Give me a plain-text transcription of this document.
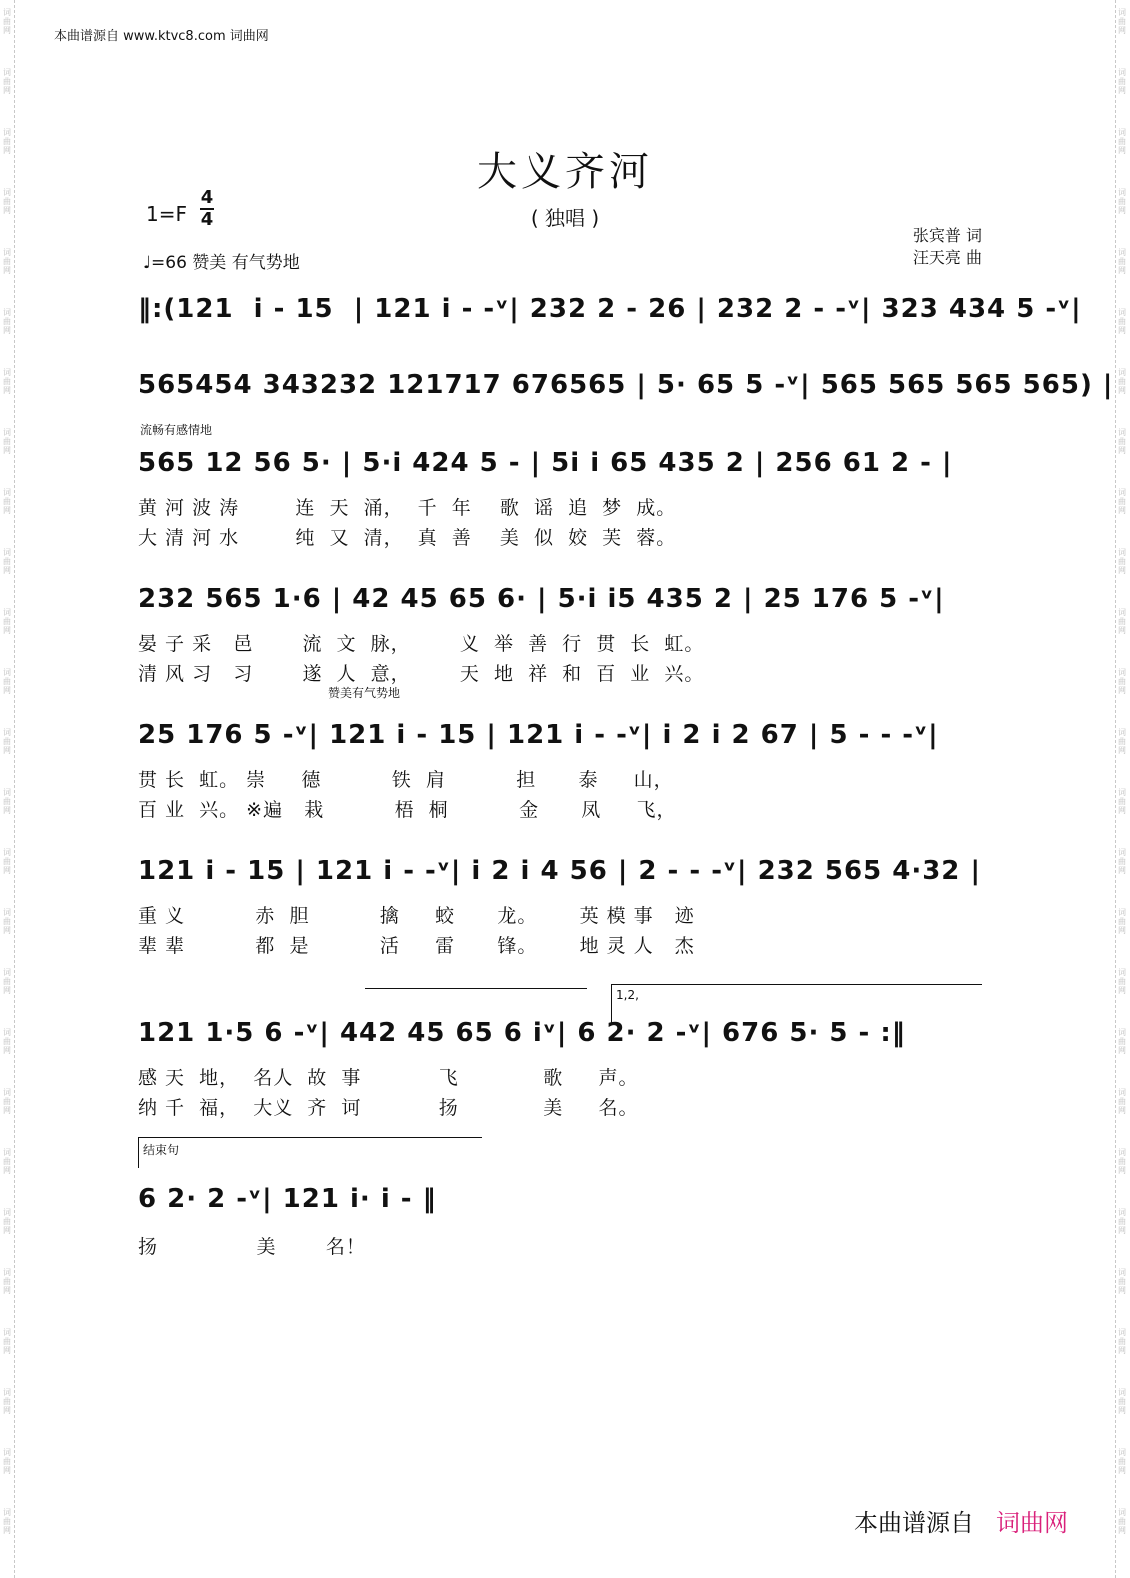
词
曲
网
词
曲
网
词
曲
网
词
曲
网
词
曲
网
词
曲
网
词
曲
网
词
曲
网
词
曲
网
词
曲
网
词
曲
网
词
曲
网
词
曲
网
词
曲
网
词
曲
网
词
曲
网
词
曲
网
词
曲
网
词
曲
网
词
曲
网
词
曲
网
词
曲
网
词
曲
网
词
曲
网
词
曲
网
词
曲
网
词
曲
网
词
曲
网
词
曲
网
词
曲
网
词
曲
网
词
曲
网
词
曲
网
词
曲
网
词
曲
网
词
曲
网
词
曲
网
词
曲
网
词
曲
网
词
曲
网
词
曲
网
词
曲
网
词
曲
网
词
曲
网
词
曲
网
词
曲
网
词
曲
网
词
曲
网
词
曲
网
词
曲
网
词
曲
网
词
曲
网
本曲谱源自 www.ktvc8.com 词曲网
大义齐河
( 独唱 )
1=F
4
4
♩=66 赞美 有气势地
张宾普 词
汪天亮 曲
‖:(121  i - 15  | 121 i - -ᵛ| 232 2 - 26 | 232 2 - -ᵛ| 323 434 5 -ᵛ|
565454 343232 121717 676565 | 5· 65 5 -ᵛ| 565 565 565 565) |
流畅有感情地
565 12 56 5· | 5·i 424 5 - | 5i i 65 435 2 | 256 61 2 - |
黄 河 波 涛        连  天  涌，  千  年    歌  谣  追  梦  成。
大 清 河 水        纯  又  清，  真  善    美  似  姣  芙  蓉。
232 565 1·6 | 42 45 65 6· | 5·i i5 435 2 | 25 176 5 -ᵛ|
晏 子 采   邑       流  文  脉，       义  举  善  行  贯  长  虹。
清 风 习   习       遂  人  意，       天  地  祥  和  百  业  兴。
赞美有气势地
25 176 5 -ᵛ| 121 i - 15 | 121 i - -ᵛ| i 2 i 2 67 | 5 - - -ᵛ|
贯 长  虹。 崇     德          铁  肩          担      泰     山，
百 业  兴。 ※遍   栽          梧  桐          金      凤     飞，
121 i - 15 | 121 i - -ᵛ| i 2 i 4 56 | 2 - - -ᵛ| 232 565 4·32 |
重 义          赤  胆          擒     蛟      龙。      英 模 事   迹
辈 辈          都  是          活     雷      锋。      地 灵 人   杰
1,2,
121 1·5 6 -ᵛ| 442 45 65 6 iᵛ| 6 2· 2 -ᵛ| 676 5· 5 - :‖
感 天  地，  名人  故  事           飞            歌     声。
纳 千  福，  大义  齐  诃           扬            美     名。
结束句
6 2· 2 -ᵛ| 121 i· i - ‖
扬              美       名！
本曲谱源自 词曲网
